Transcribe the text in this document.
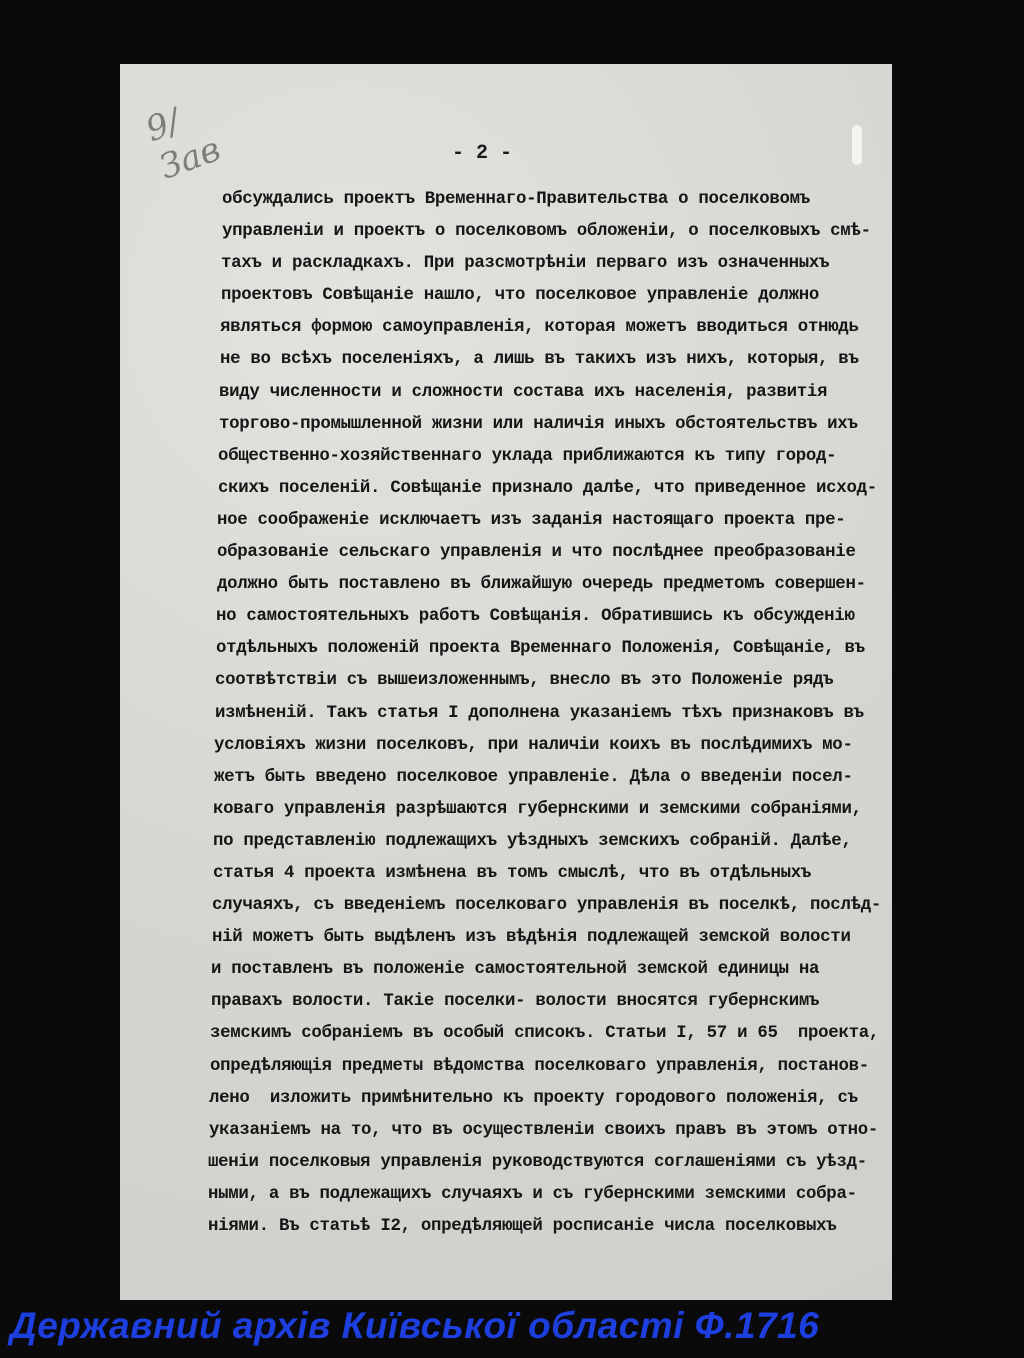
9/ Зав	- 2 -
обсуждались проектъ Временнаго-Правительства о поселковомъ
управленіи и проектъ о поселковомъ обложеніи, о поселковыхъ смѣ-
тахъ и раскладкахъ. При разсмотрѣніи перваго изъ означенныхъ
проектовъ Совѣщаніе нашло, что поселковое управленіе должно
являться формою самоуправленія, которая можетъ вводиться отнюдь
не во всѣхъ поселеніяхъ, а лишь въ такихъ изъ нихъ, которыя, въ
виду численности и сложности состава ихъ населенія, развитія
торгово-промышленной жизни или наличія иныхъ обстоятельствъ ихъ
общественно-хозяйственнаго уклада приближаются къ типу город-
скихъ поселеній. Совѣщаніе признало далѣе, что приведенное исход-
ное соображеніе исключаетъ изъ заданія настоящаго проекта пре-
образованіе сельскаго управленія и что послѣднее преобразованіе
должно быть поставлено въ ближайшую очередь предметомъ совершен-
но самостоятельныхъ работъ Совѣщанія. Обратившись къ обсужденію
отдѣльныхъ положеній проекта Временнаго Положенія, Совѣщаніе, въ
соотвѣтствіи съ вышеизложеннымъ, внесло въ это Положеніе рядъ
измѣненій. Такъ статья I дополнена указаніемъ тѣхъ признаковъ въ
условіяхъ жизни поселковъ, при наличіи коихъ въ послѣдимихъ мо-
жетъ быть введено поселковое управленіе. Дѣла о введеніи посел-
коваго управленія разрѣшаются губернскими и земскими собраніями,
по представленію подлежащихъ уѣздныхъ земскихъ собраній. Далѣе,
статья 4 проекта измѣнена въ томъ смыслѣ, что въ отдѣльныхъ
случаяхъ, съ введеніемъ поселковаго управленія въ поселкѣ, послѣд-
ній можетъ быть выдѣленъ изъ вѣдѣнія подлежащей земской волости
и поставленъ въ положеніе самостоятельной земской единицы на
правахъ волости. Такіе поселки- волости вносятся губернскимъ
земскимъ собраніемъ въ особый списокъ. Статьи I, 57 и 65  проекта,
опредѣляющія предметы вѣдомства поселковаго управленія, постанов-
лено  изложить примѣнительно къ проекту городового положенія, съ
указаніемъ на то, что въ осуществленіи своихъ правъ въ этомъ отно-
шеніи поселковыя управленія руководствуются соглашеніями съ уѣзд-
ными, а въ подлежащихъ случаяхъ и съ губернскими земскими собра-
ніями. Въ статьѣ I2, опредѣляющей росписаніе числа поселковыхъ
Державний архів Київської області Ф.1716
